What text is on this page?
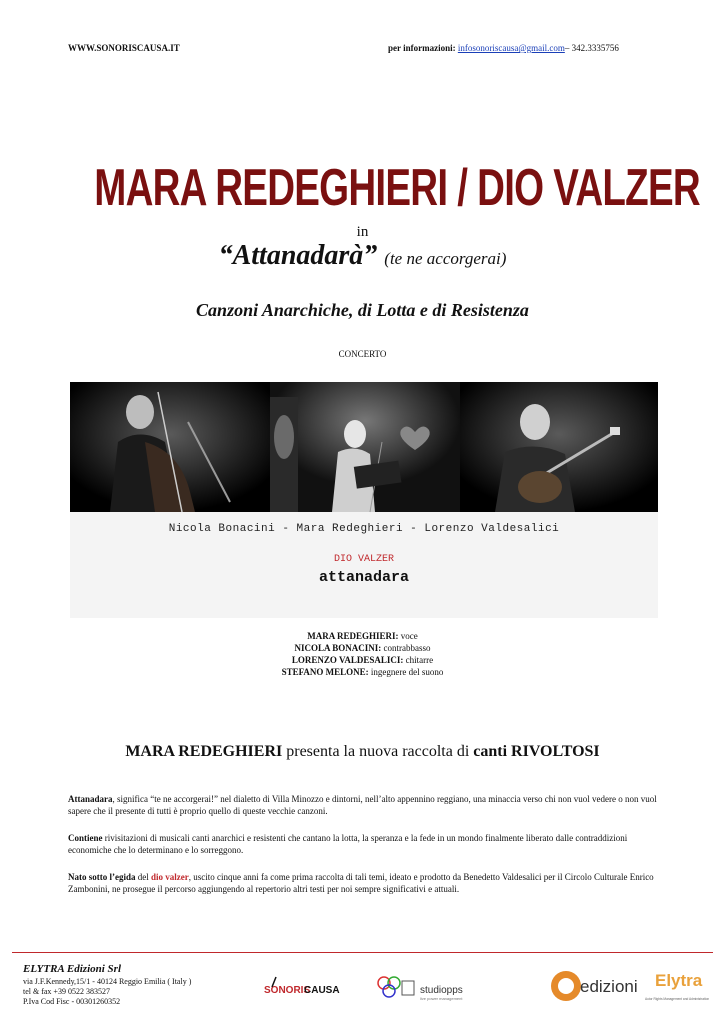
WWW.SONORISCAUSA.IT	per informazioni: infosonoriscausa@gmail.com– 342.3335756
MARA REDEGHIERI / DIO VALZER
in
“Attanadarà” (te ne accorgerai)
Canzoni Anarchiche, di Lotta e di Resistenza
CONCERTO
Nicola Bonacini - Mara Redeghieri - Lorenzo Valdesalici
DIO VALZER
attanadara
MARA REDEGHIERI: voce
NICOLA BONACINI: contrabbasso
LORENZO VALDESALICI: chitarre
STEFANO MELONE: ingegnere del suono
MARA REDEGHIERI presenta la nuova raccolta di canti RIVOLTOSI
Attanadara, significa “te ne accorgerai!” nel dialetto di Villa Minozzo e dintorni, nell’alto appennino reggiano, una minaccia verso chi non vuol vedere o non vuol sapere che il presente di tutti è proprio quello di queste vecchie canzoni.
Contiene rivisitazioni di musicali canti anarchici e resistenti che cantano la lotta, la speranza e la fede in un mondo finalmente liberato dalle contraddizioni economiche che lo determinano e lo sorreggono.
Nato sotto l’egida del dio valzer, uscito cinque anni fa come prima raccolta di tali temi, ideato e prodotto da Benedetto Valdesalici per il Circolo Culturale Enrico Zambonini, ne prosegue il percorso aggiungendo al repertorio altri testi per noi sempre significativi e attuali.
ELYTRA Edizioni Srl
via J.F.Kennedy,15/1 - 40124 Reggio Emilia ( Italy )
tel & fax +39 0522 383527
P.Iva Cod Fisc - 00301260352
SONORIS
CAUSA	studiopps
live power management
edizioni Elytra
Autor Rights Management and Administration
